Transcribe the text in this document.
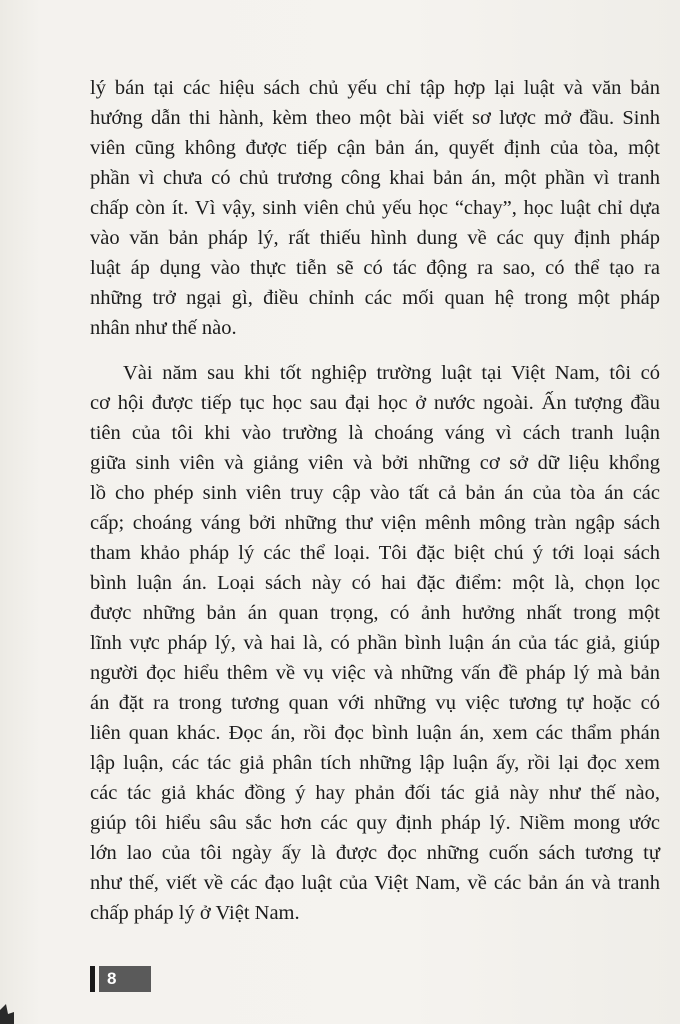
lý bán tại các hiệu sách chủ yếu chỉ tập hợp lại luật và văn bản
hướng dẫn thi hành, kèm theo một bài viết sơ lược mở đầu. Sinh
viên cũng không được tiếp cận bản án, quyết định của tòa, một
phần vì chưa có chủ trương công khai bản án, một phần vì tranh
chấp còn ít. Vì vậy, sinh viên chủ yếu học “chay”, học luật chỉ dựa
vào văn bản pháp lý, rất thiếu hình dung về các quy định pháp
luật áp dụng vào thực tiễn sẽ có tác động ra sao, có thể tạo ra
những trở ngại gì, điều chỉnh các mối quan hệ trong một pháp
nhân như thế nào.
Vài năm sau khi tốt nghiệp trường luật tại Việt Nam, tôi có
cơ hội được tiếp tục học sau đại học ở nước ngoài. Ấn tượng đầu
tiên của tôi khi vào trường là choáng váng vì cách tranh luận
giữa sinh viên và giảng viên và bởi những cơ sở dữ liệu khổng
lồ cho phép sinh viên truy cập vào tất cả bản án của tòa án các
cấp; choáng váng bởi những thư viện mênh mông tràn ngập sách
tham khảo pháp lý các thể loại. Tôi đặc biệt chú ý tới loại sách
bình luận án. Loại sách này có hai đặc điểm: một là, chọn lọc
được những bản án quan trọng, có ảnh hưởng nhất trong một
lĩnh vực pháp lý, và hai là, có phần bình luận án của tác giả, giúp
người đọc hiểu thêm về vụ việc và những vấn đề pháp lý mà bản
án đặt ra trong tương quan với những vụ việc tương tự hoặc có
liên quan khác. Đọc án, rồi đọc bình luận án, xem các thẩm phán
lập luận, các tác giả phân tích những lập luận ấy, rồi lại đọc xem
các tác giả khác đồng ý hay phản đối tác giả này như thế nào,
giúp tôi hiểu sâu sắc hơn các quy định pháp lý. Niềm mong ước
lớn lao của tôi ngày ấy là được đọc những cuốn sách tương tự
như thế, viết về các đạo luật của Việt Nam, về các bản án và tranh
chấp pháp lý ở Việt Nam.
8
